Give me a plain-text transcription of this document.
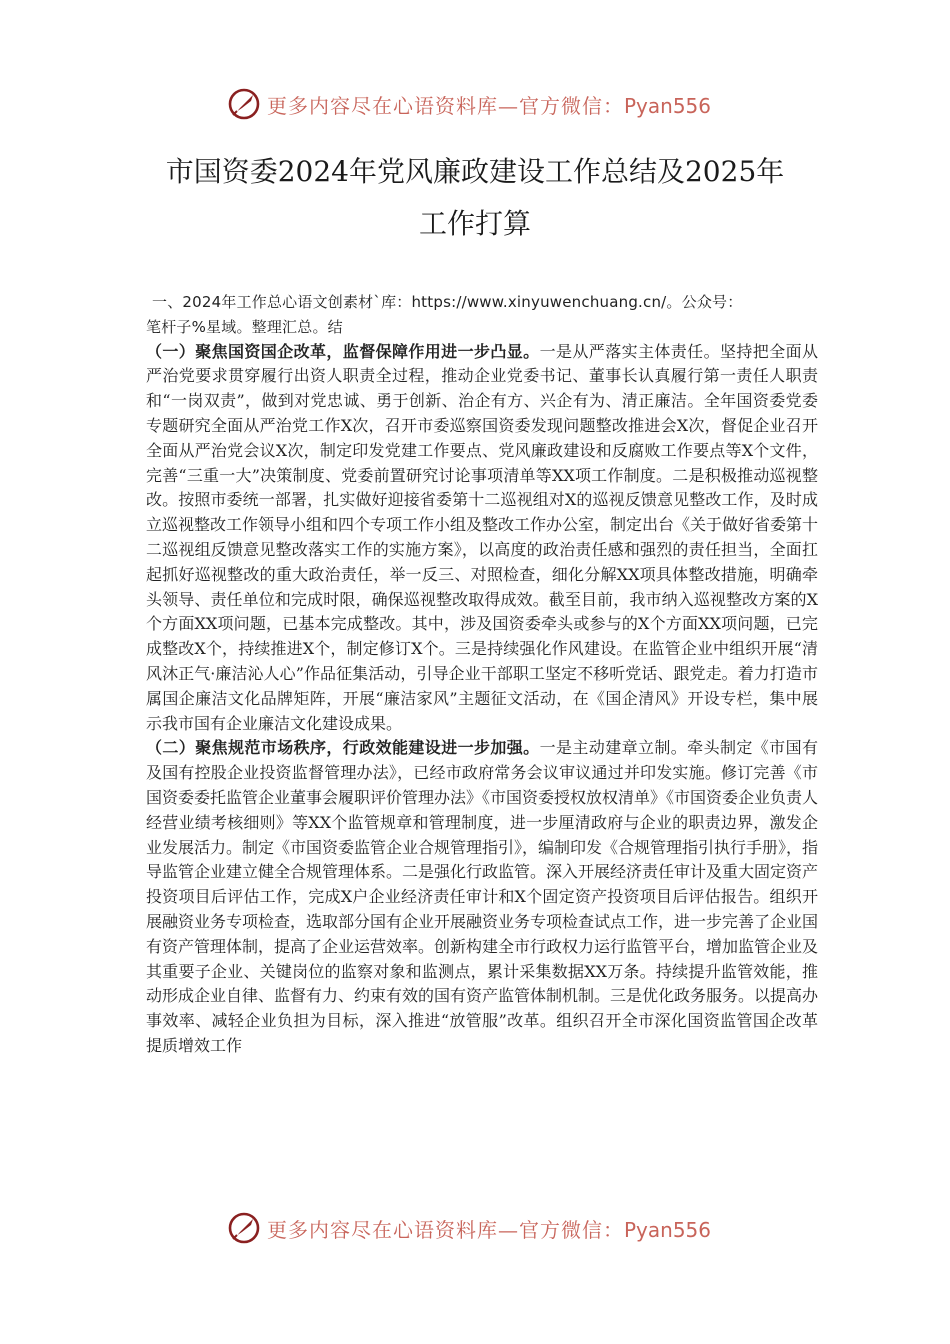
更多内容尽在心语资料库—官方微信：Pyan556
市国资委2024年党风廉政建设工作总结及2025年
工作打算

一、2024年工作总心语文创素材`库：https://www.xinyuwenchuang.cn/。公众号：

笔杆子%星域。整理汇总。结

（一）聚焦国资国企改革，监督保障作用进一步凸显。一是从严落实主体责任。坚持把全面从严治党要求贯穿履行出资人职责全过程，推动企业党委书记、董事长认真履行第一责任人职责和“一岗双责”，做到对党忠诚、勇于创新、治企有方、兴企有为、清正廉洁。全年国资委党委专题研究全面从严治党工作X次，召开市委巡察国资委发现问题整改推进会X次，督促企业召开全面从严治党会议X次，制定印发党建工作要点、党风廉政建设和反腐败工作要点等X个文件，完善“三重一大”决策制度、党委前置研究讨论事项清单等XX项工作制度。二是积极推动巡视整改。按照市委统一部署，扎实做好迎接省委第十二巡视组对X的巡视反馈意见整改工作，及时成立巡视整改工作领导小组和四个专项工作小组及整改工作办公室，制定出台《关于做好省委第十二巡视组反馈意见整改落实工作的实施方案》，以高度的政治责任感和强烈的责任担当，全面扛起抓好巡视整改的重大政治责任，举一反三、对照检查，细化分解XX项具体整改措施，明确牵头领导、责任单位和完成时限，确保巡视整改取得成效。截至目前，我市纳入巡视整改方案的X个方面XX项问题，已基本完成整改。其中，涉及国资委牵头或参与的X个方面XX项问题，已完成整改X个，持续推进X个，制定修订X个。三是持续强化作风建设。在监管企业中组织开展“清风沐正气·廉洁沁人心”作品征集活动，引导企业干部职工坚定不移听党话、跟党走。着力打造市属国企廉洁文化品牌矩阵，开展“廉洁家风”主题征文活动，在《国企清风》开设专栏，集中展示我市国有企业廉洁文化建设成果。

（二）聚焦规范市场秩序，行政效能建设进一步加强。一是主动建章立制。牵头制定《市国有及国有控股企业投资监督管理办法》，已经市政府常务会议审议通过并印发实施。修订完善《市国资委委托监管企业董事会履职评价管理办法》《市国资委授权放权清单》《市国资委企业负责人经营业绩考核细则》等XX个监管规章和管理制度，进一步厘清政府与企业的职责边界，激发企业发展活力。制定《市国资委监管企业合规管理指引》，编制印发《合规管理指引执行手册》，指导监管企业建立健全合规管理体系。二是强化行政监管。深入开展经济责任审计及重大固定资产投资项目后评估工作，完成X户企业经济责任审计和X个固定资产投资项目后评估报告。组织开展融资业务专项检查，选取部分国有企业开展融资业务专项检查试点工作，进一步完善了企业国有资产管理体制，提高了企业运营效率。创新构建全市行政权力运行监管平台，增加监管企业及其重要子企业、关键岗位的监察对象和监测点，累计采集数据XX万条。持续提升监管效能，推动形成企业自律、监督有力、约束有效的国有资产监管体制机制。三是优化政务服务。以提高办事效率、减轻企业负担为目标，深入推进“放管服”改革。组织召开全市深化国资监管国企改革提质增效工作

更多内容尽在心语资料库—官方微信：Pyan556
